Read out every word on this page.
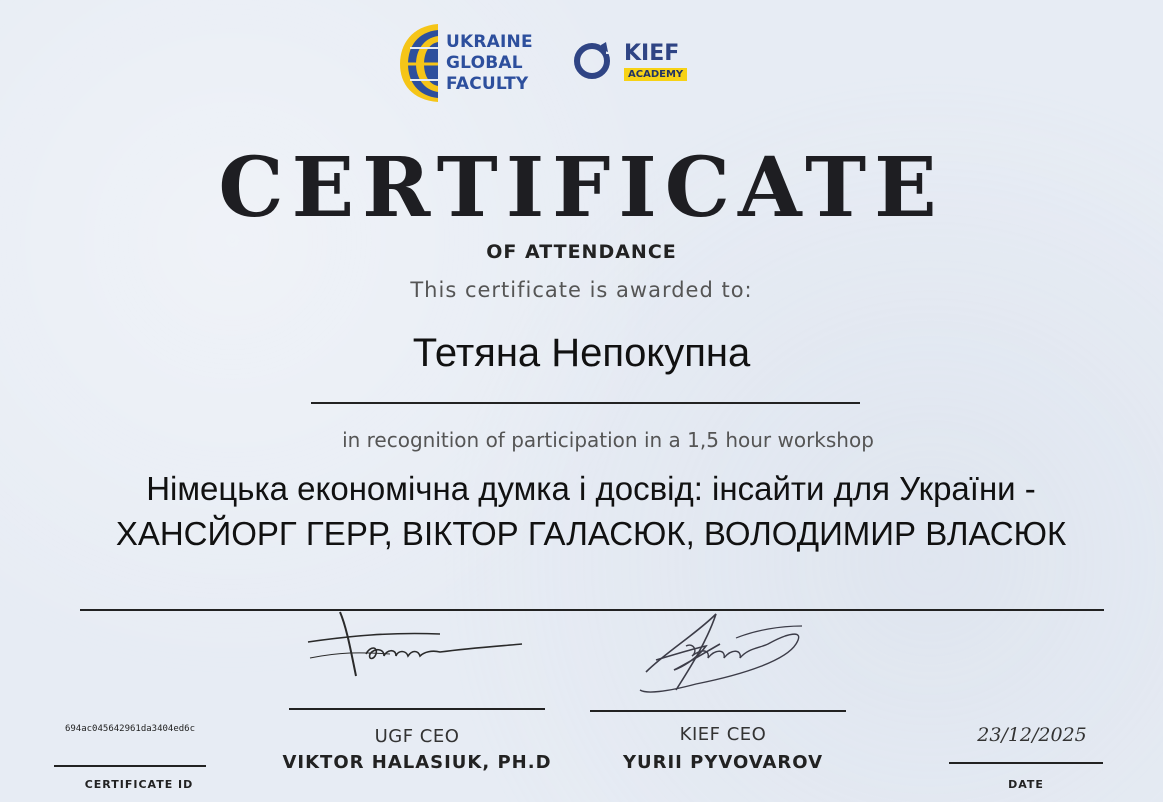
UKRAINE
GLOBAL
FACULTY
KIEF
ACADEMY
CERTIFICATE
OF ATTENDANCE
This certificate is awarded to:
Тетяна Непокупна
in recognition of participation in a 1,5 hour workshop
Німецька економічна думка і досвід: інсайти для України - ХАНСЙОРГ ГЕРР, ВІКТОР ГАЛАСЮК, ВОЛОДИМИР ВЛАСЮК
UGF CEO
VIKTOR HALASIUK, PH.D
KIEF CEO
YURII PYVOVAROV
694ac045642961da3404ed6c
CERTIFICATE ID
23/12/2025
DATE
